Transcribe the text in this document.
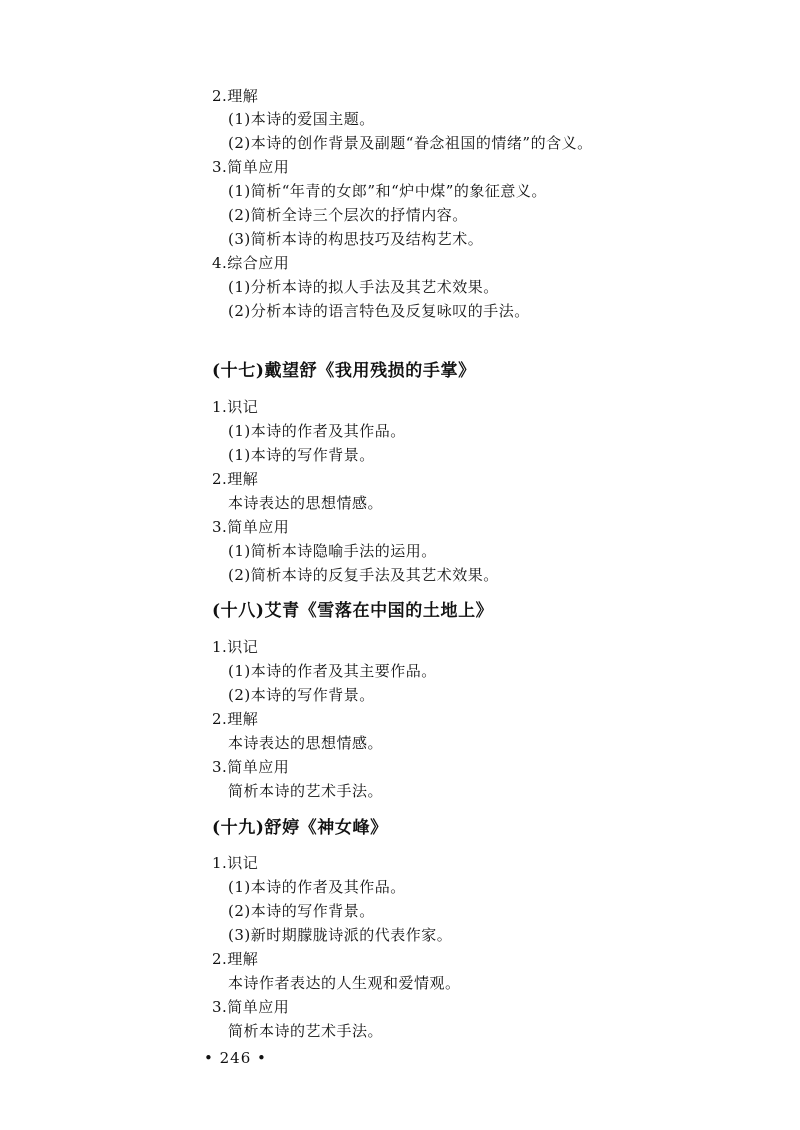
2.理解
(1)本诗的爱国主题。
(2)本诗的创作背景及副题“眷念祖国的情绪”的含义。
3.简单应用
(1)简析“年青的女郎”和“炉中煤”的象征意义。
(2)简析全诗三个层次的抒情内容。
(3)简析本诗的构思技巧及结构艺术。
4.综合应用
(1)分析本诗的拟人手法及其艺术效果。
(2)分析本诗的语言特色及反复咏叹的手法。
(十七)戴望舒《我用残损的手掌》
1.识记
(1)本诗的作者及其作品。
(1)本诗的写作背景。
2.理解
本诗表达的思想情感。
3.简单应用
(1)简析本诗隐喻手法的运用。
(2)简析本诗的反复手法及其艺术效果。
(十八)艾青《雪落在中国的土地上》
1.识记
(1)本诗的作者及其主要作品。
(2)本诗的写作背景。
2.理解
本诗表达的思想情感。
3.简单应用
简析本诗的艺术手法。
(十九)舒婷《神女峰》
1.识记
(1)本诗的作者及其作品。
(2)本诗的写作背景。
(3)新时期朦胧诗派的代表作家。
2.理解
本诗作者表达的人生观和爱情观。
3.简单应用
简析本诗的艺术手法。
• 246 •
